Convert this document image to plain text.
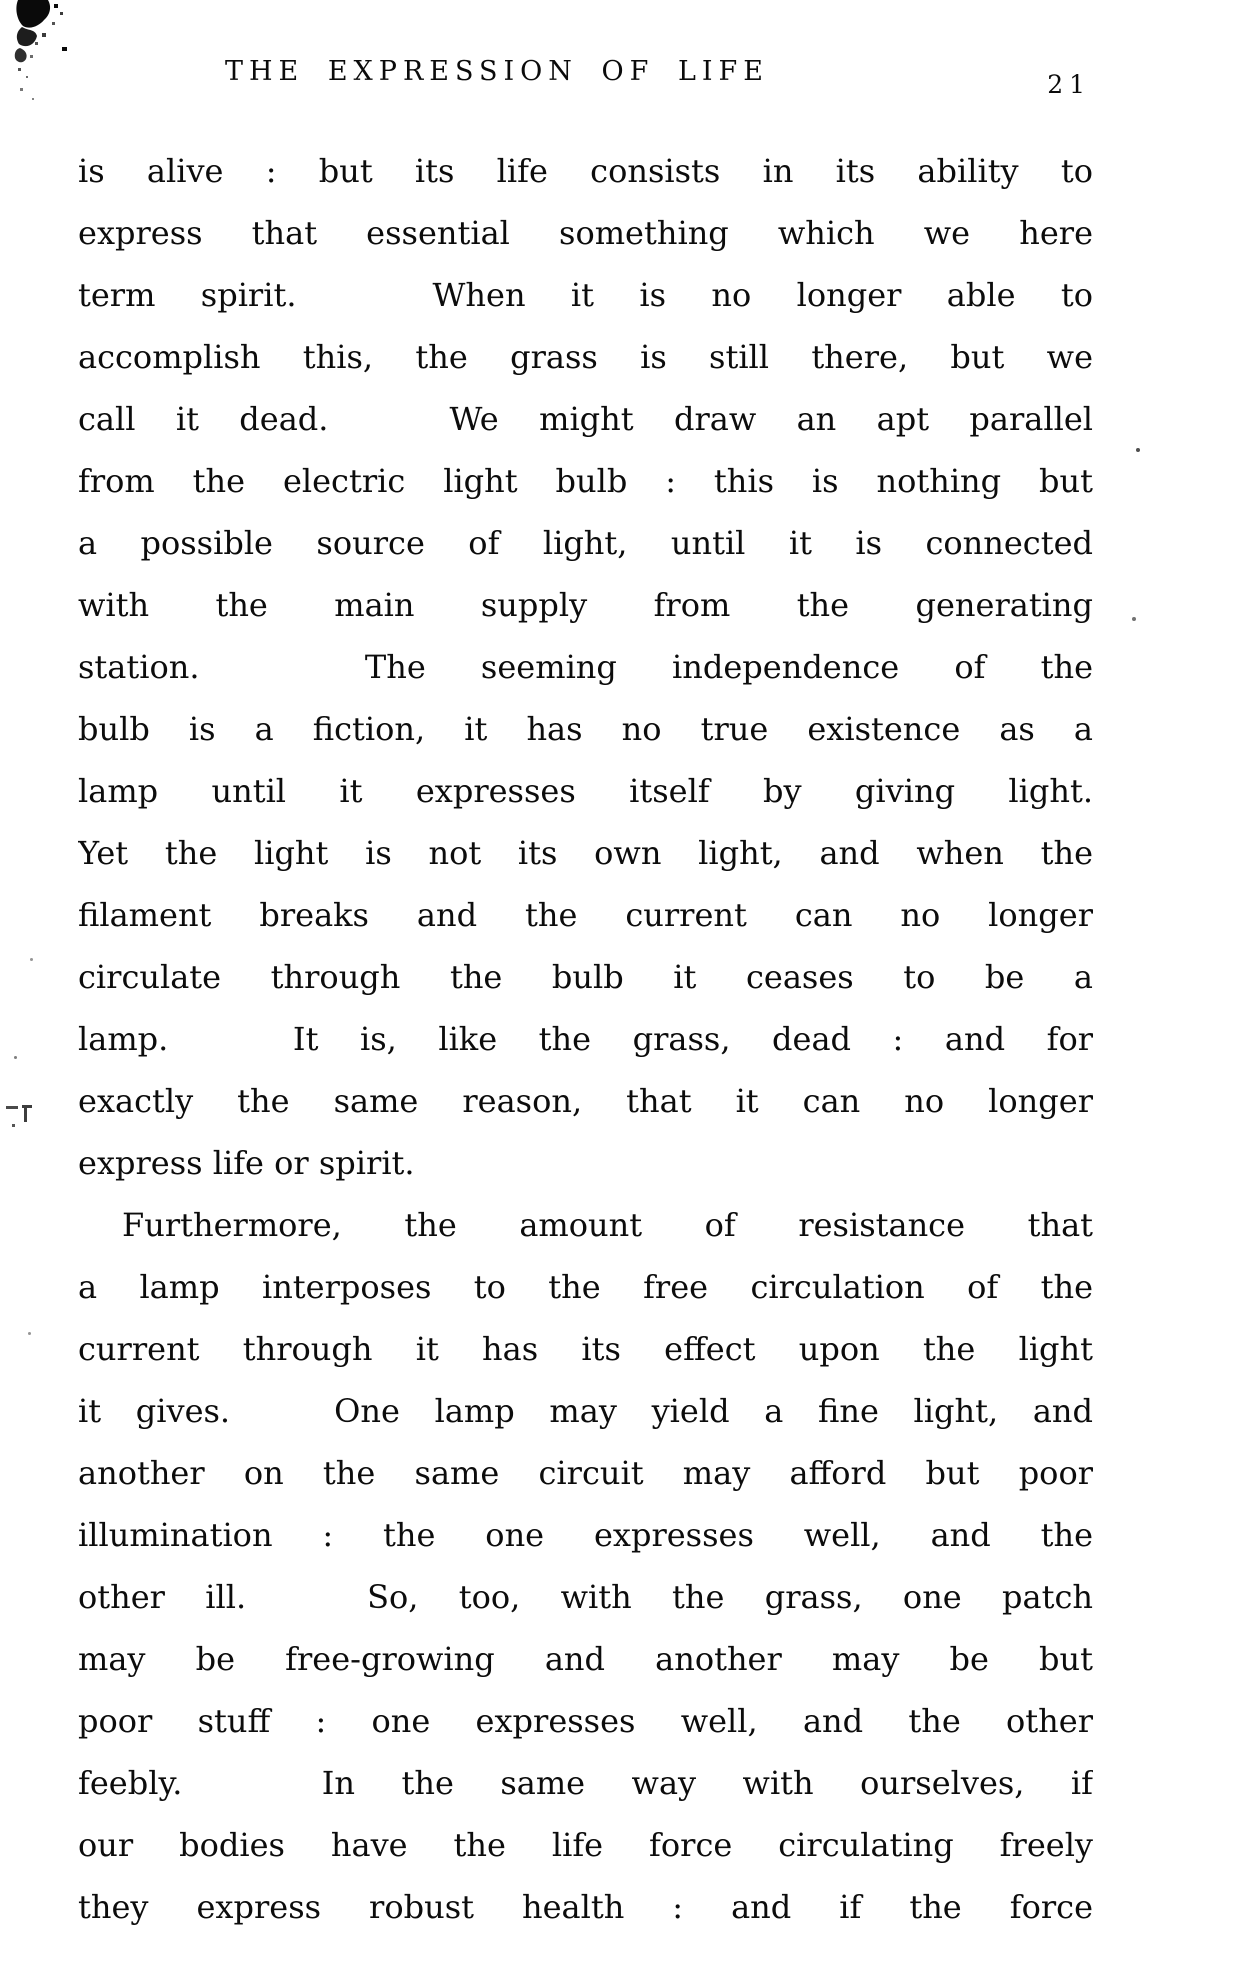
THE EXPRESSION OF LIFE	21
is alive : but its life consists in its ability to
express that essential something which we here
term spirit.   When it is no longer able to
accomplish this, the grass is still there, but we
call it dead.   We might draw an apt parallel
from the electric light bulb : this is nothing but
a possible source of light, until it is connected
with the main supply from the generating
station.   The seeming independence of the
bulb is a fiction, it has no true existence as a
lamp until it expresses itself by giving light.
Yet the light is not its own light, and when the
filament breaks and the current can no longer
circulate through the bulb it ceases to be a
lamp.   It is, like the grass, dead : and for
exactly the same reason, that it can no longer
express life or spirit.
Furthermore, the amount of resistance that
a lamp interposes to the free circulation of the
current through it has its effect upon the light
it gives.   One lamp may yield a fine light, and
another on the same circuit may afford but poor
illumination : the one expresses well, and the
other ill.   So, too, with the grass, one patch
may be free-growing and another may be but
poor stuff : one expresses well, and the other
feebly.   In the same way with ourselves, if
our bodies have the life force circulating freely
they express robust health : and if the force
